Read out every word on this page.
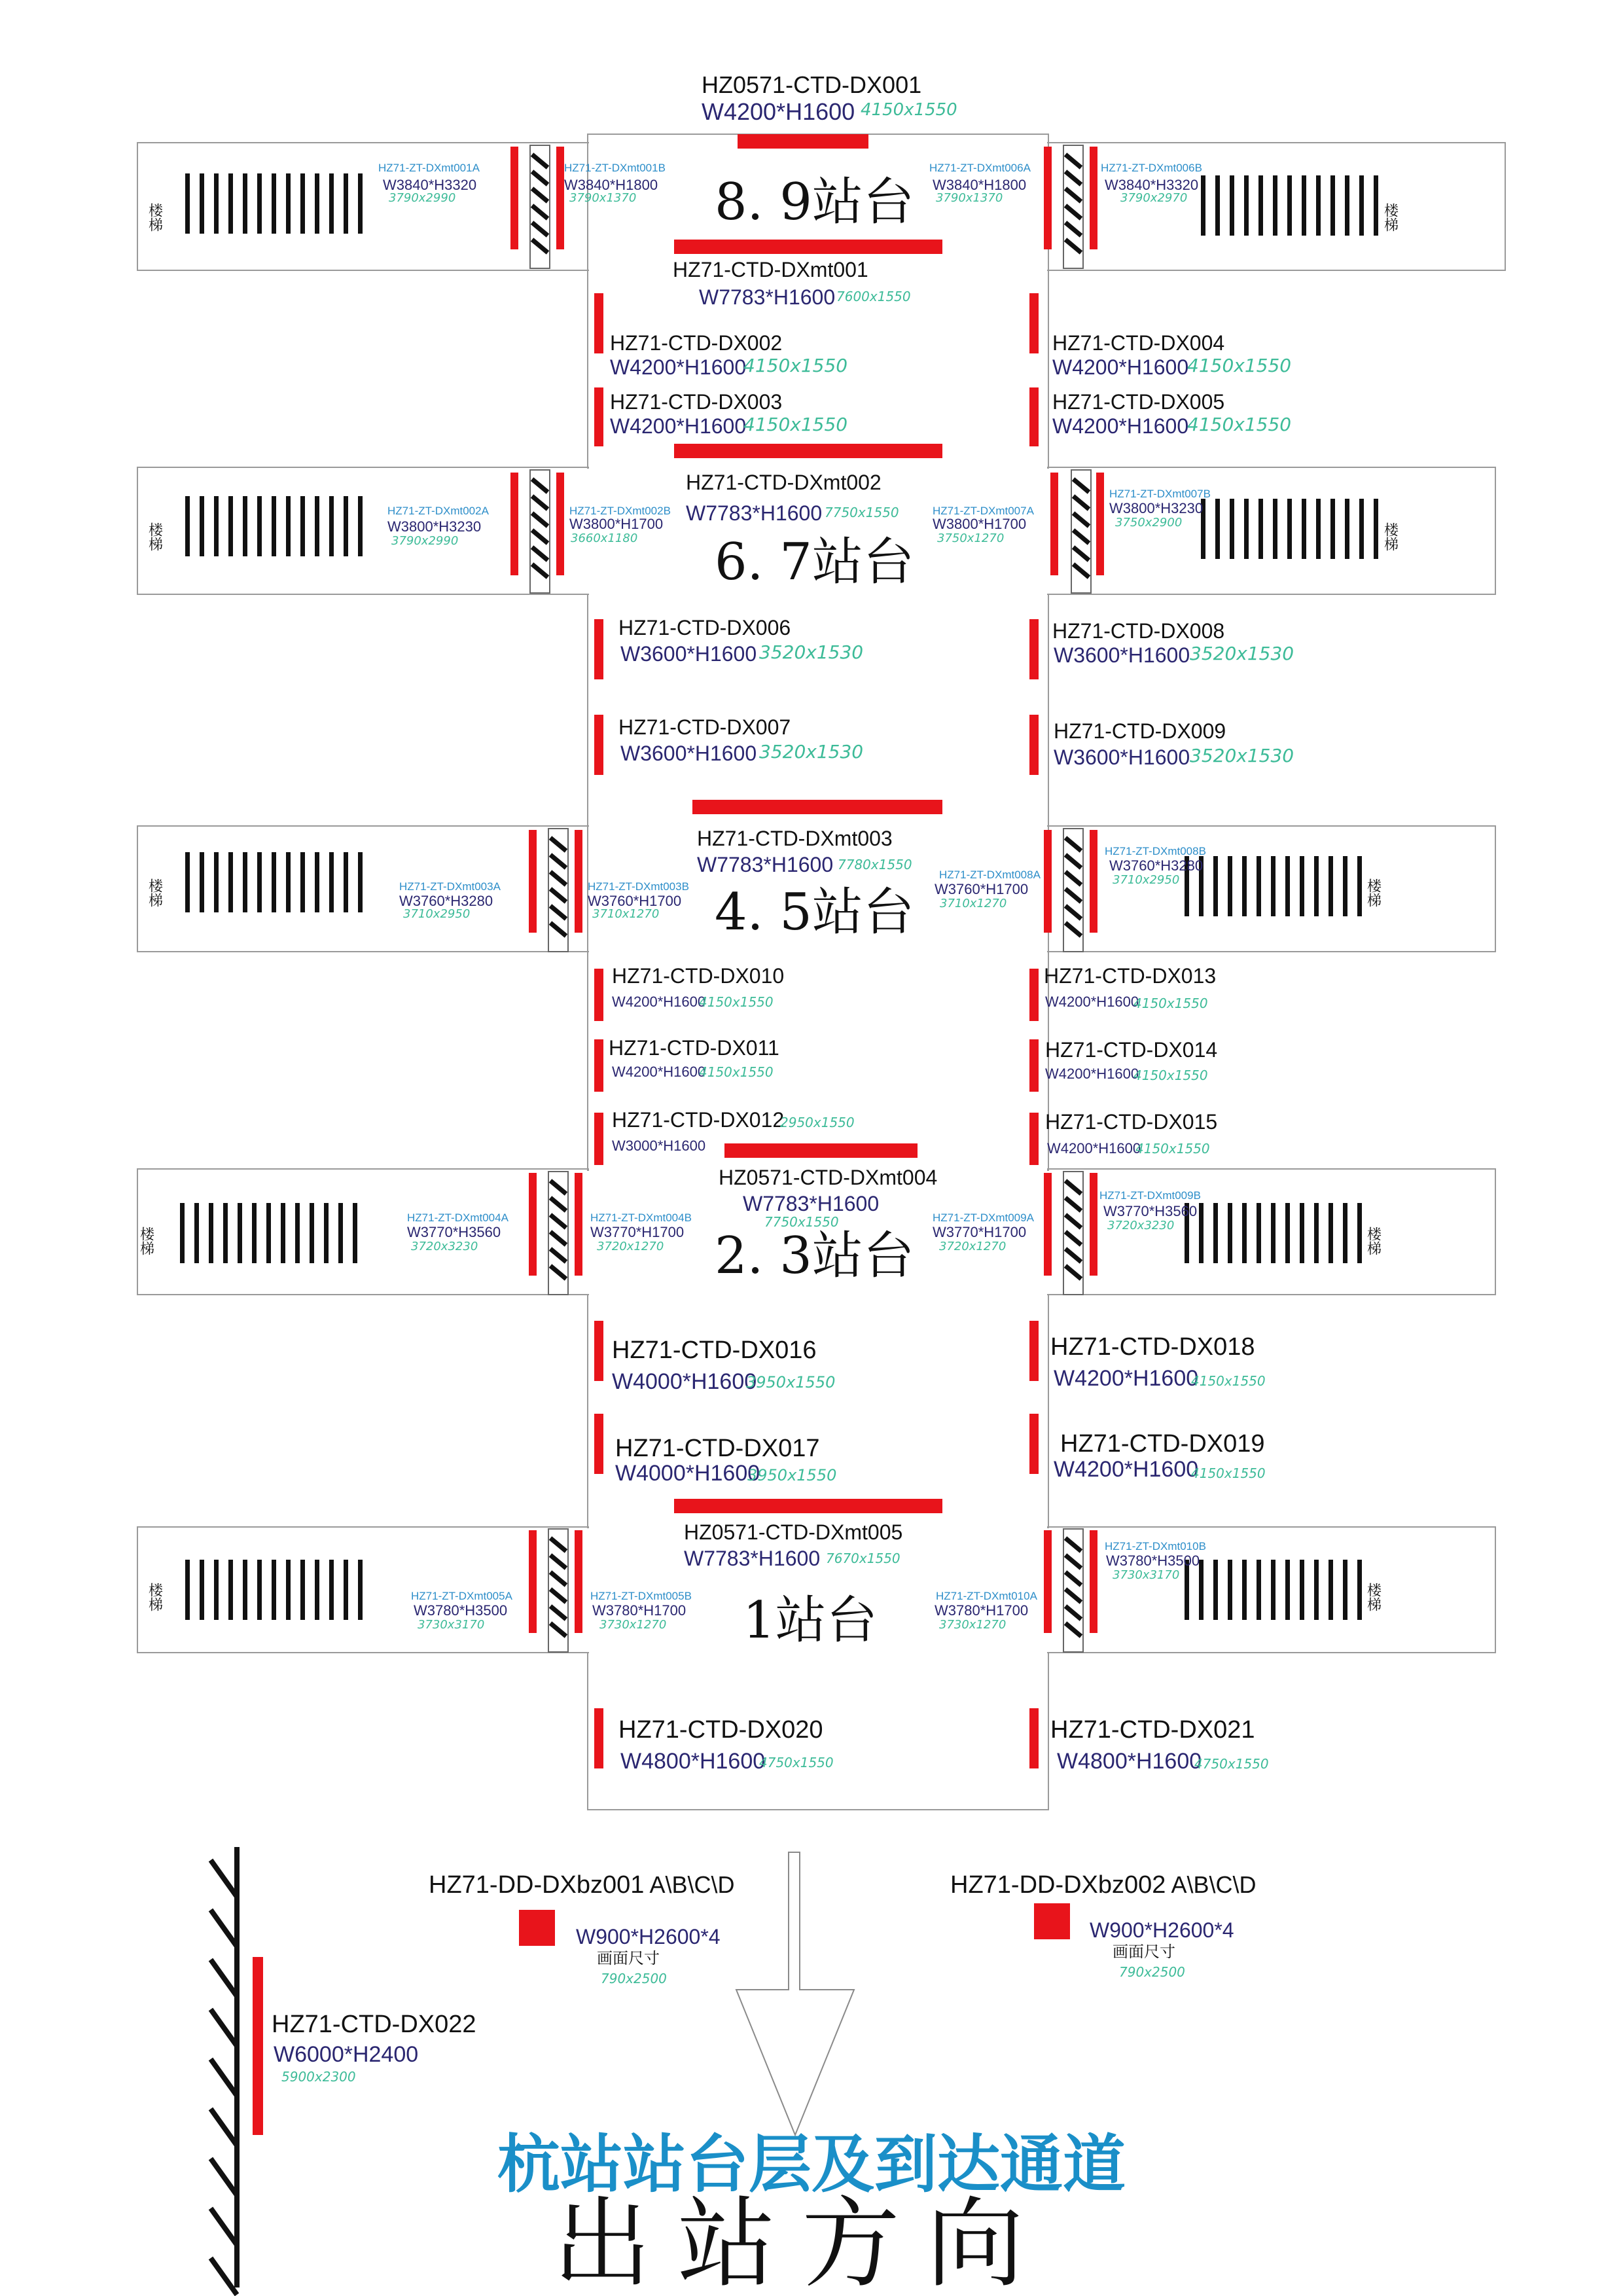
HZ0571-CTD-DX001
W4200*H1600 4150x1550
楼梯	楼梯
楼梯	楼梯
楼梯	楼梯
楼梯	楼梯
楼梯	楼梯
8. 9站台
HZ71-ZT-DXmt001A
W3840*H3320
3790x2990
HZ71-ZT-DXmt001B
W3840*H1800
3790x1370
HZ71-ZT-DXmt006A
W3840*H1800
3790x1370
HZ71-ZT-DXmt006B
W3840*H3320
3790x2970
HZ71-CTD-DXmt001
W7783*H1600 7600x1550
HZ71-CTD-DX002
W4200*H1600
4150x1550
HZ71-CTD-DX003
W4200*H1600
4150x1550
HZ71-CTD-DX004
W4200*H1600
4150x1550
HZ71-CTD-DX005
W4200*H1600
4150x1550
HZ71-CTD-DXmt002
W7783*H1600 7750x1550
6. 7站台
HZ71-ZT-DXmt002A
W3800*H3230
3790x2990
HZ71-ZT-DXmt002B
W3800*H1700
3660x1180
HZ71-ZT-DXmt007A
W3800*H1700
3750x1270
HZ71-ZT-DXmt007B
W3800*H3230
3750x2900
HZ71-CTD-DX006
W3600*H1600 3520x1530
HZ71-CTD-DX007
W3600*H1600 3520x1530
HZ71-CTD-DX008
W3600*H1600 3520x1530
HZ71-CTD-DX009
W3600*H1600 3520x1530
HZ71-CTD-DXmt003
W7783*H1600 7780x1550
4. 5站台
HZ71-ZT-DXmt003A
W3760*H3280
3710x2950
HZ71-ZT-DXmt003B
W3760*H1700
3710x1270
HZ71-ZT-DXmt008A
W3760*H1700
3710x1270
HZ71-ZT-DXmt008B
W3760*H3280
3710x2950
HZ71-CTD-DX010
W4200*H1600
4150x1550
HZ71-CTD-DX011
W4200*H1600
4150x1550
HZ71-CTD-DX012
2950x1550
W3000*H1600
HZ71-CTD-DX013
W4200*H1600
4150x1550
HZ71-CTD-DX014
W4200*H1600
4150x1550
HZ71-CTD-DX015
W4200*H1600
4150x1550
HZ0571-CTD-DXmt004
W7783*H1600
7750x1550
2. 3站台
HZ71-ZT-DXmt004A
W3770*H3560
3720x3230
HZ71-ZT-DXmt004B
W3770*H1700
3720x1270
HZ71-ZT-DXmt009A
W3770*H1700
3720x1270
HZ71-ZT-DXmt009B
W3770*H3560
3720x3230
HZ71-CTD-DX016
W4000*H1600
3950x1550
HZ71-CTD-DX017
W4000*H1600
3950x1550
HZ71-CTD-DX018
W4200*H1600
4150x1550
HZ71-CTD-DX019
W4200*H1600
4150x1550
HZ0571-CTD-DXmt005
W7783*H1600 7670x1550
1站台
HZ71-ZT-DXmt005A
W3780*H3500
3730x3170
HZ71-ZT-DXmt005B
W3780*H1700
3730x1270
HZ71-ZT-DXmt010A
W3780*H1700
3730x1270
HZ71-ZT-DXmt010B
W3780*H3500
3730x3170
HZ71-CTD-DX020
W4800*H1600
4750x1550
HZ71-CTD-DX021
W4800*H1600
4750x1550
HZ71-DD-DXbz001 A\B\C\D
W900*H2600*4
画面尺寸
790x2500
HZ71-DD-DXbz002 A\B\C\D
W900*H2600*4
画面尺寸
790x2500
HZ71-CTD-DX022
W6000*H2400
5900x2300
杭站站台层及到达通道
出站方向
